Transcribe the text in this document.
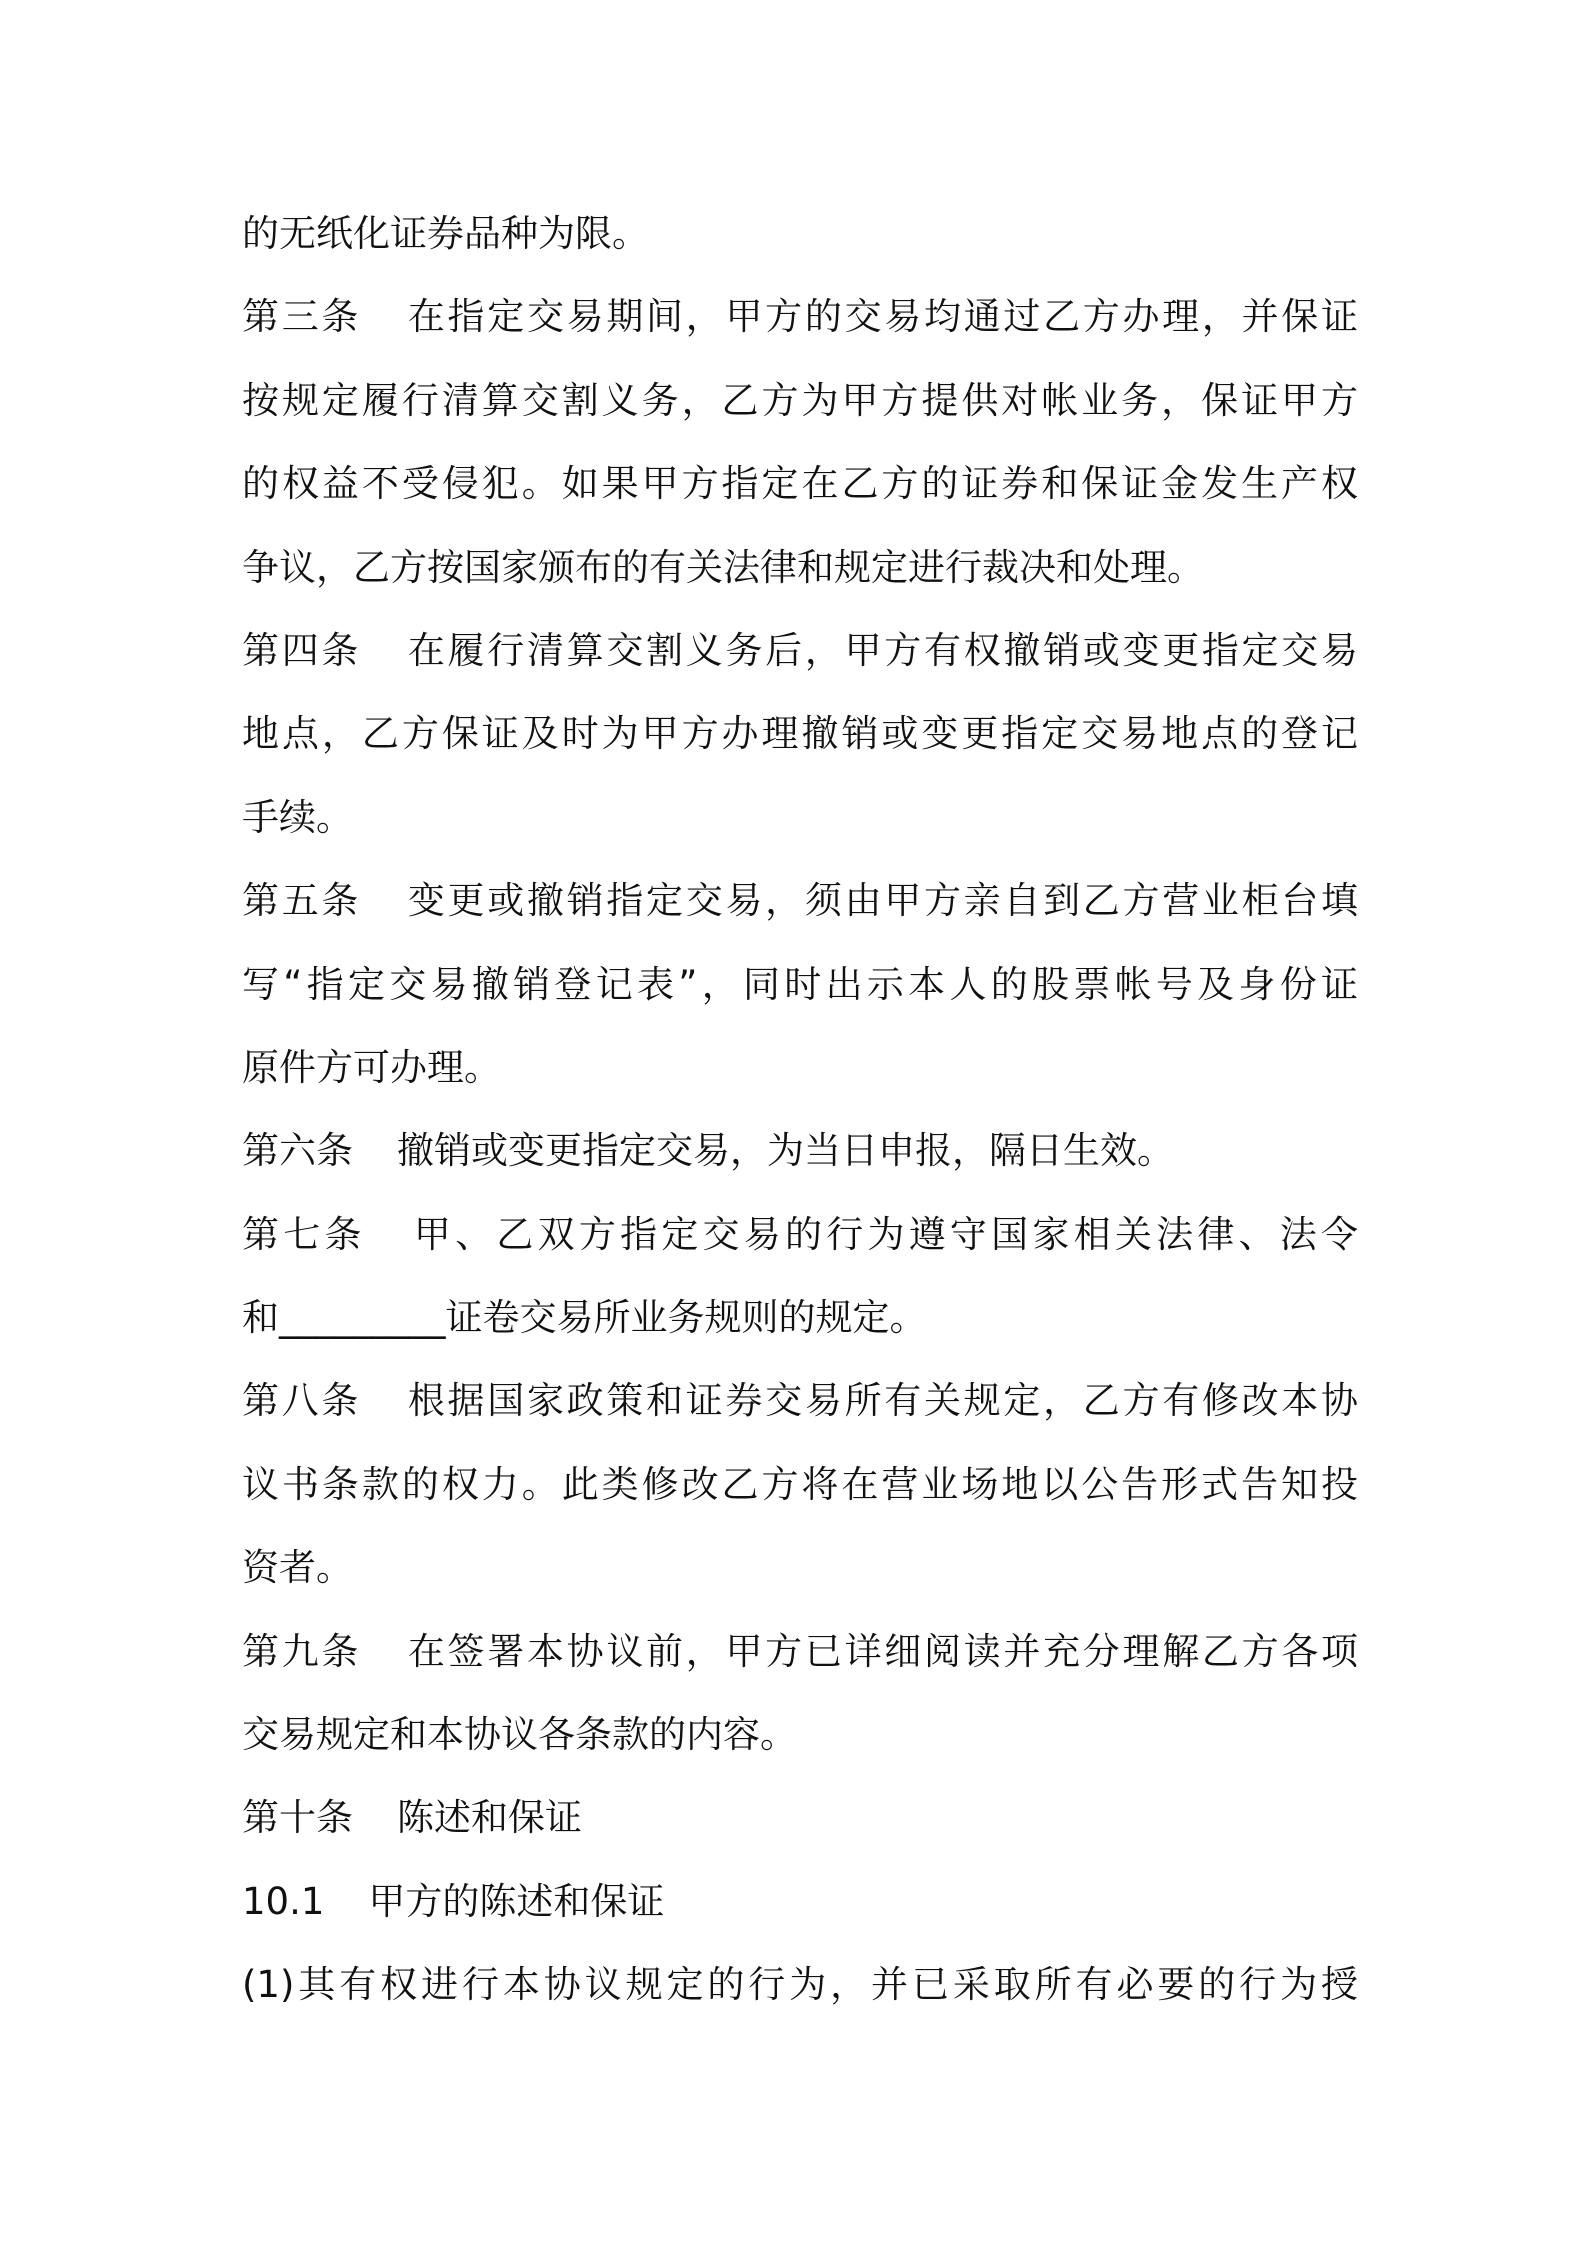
的无纸化证券品种为限。
第三条 在指定交易期间，甲方的交易均通过乙方办理，并保证
按规定履行清算交割义务，乙方为甲方提供对帐业务，保证甲方
的权益不受侵犯。如果甲方指定在乙方的证券和保证金发生产权
争议，乙方按国家颁布的有关法律和规定进行裁决和处理。
第四条 在履行清算交割义务后，甲方有权撤销或变更指定交易
地点，乙方保证及时为甲方办理撤销或变更指定交易地点的登记
手续。
第五条 变更或撤销指定交易，须由甲方亲自到乙方营业柜台填
写“指定交易撤销登记表”，同时出示本人的股票帐号及身份证
原件方可办理。
第六条 撤销或变更指定交易，为当日申报，隔日生效。
第七条 甲、乙双方指定交易的行为遵守国家相关法律、法令
和_________证卷交易所业务规则的规定。
第八条 根据国家政策和证券交易所有关规定，乙方有修改本协
议书条款的权力。此类修改乙方将在营业场地以公告形式告知投
资者。
第九条 在签署本协议前，甲方已详细阅读并充分理解乙方各项
交易规定和本协议各条款的内容。
第十条 陈述和保证
10.1 甲方的陈述和保证
(1)其有权进行本协议规定的行为，并已采取所有必要的行为授
